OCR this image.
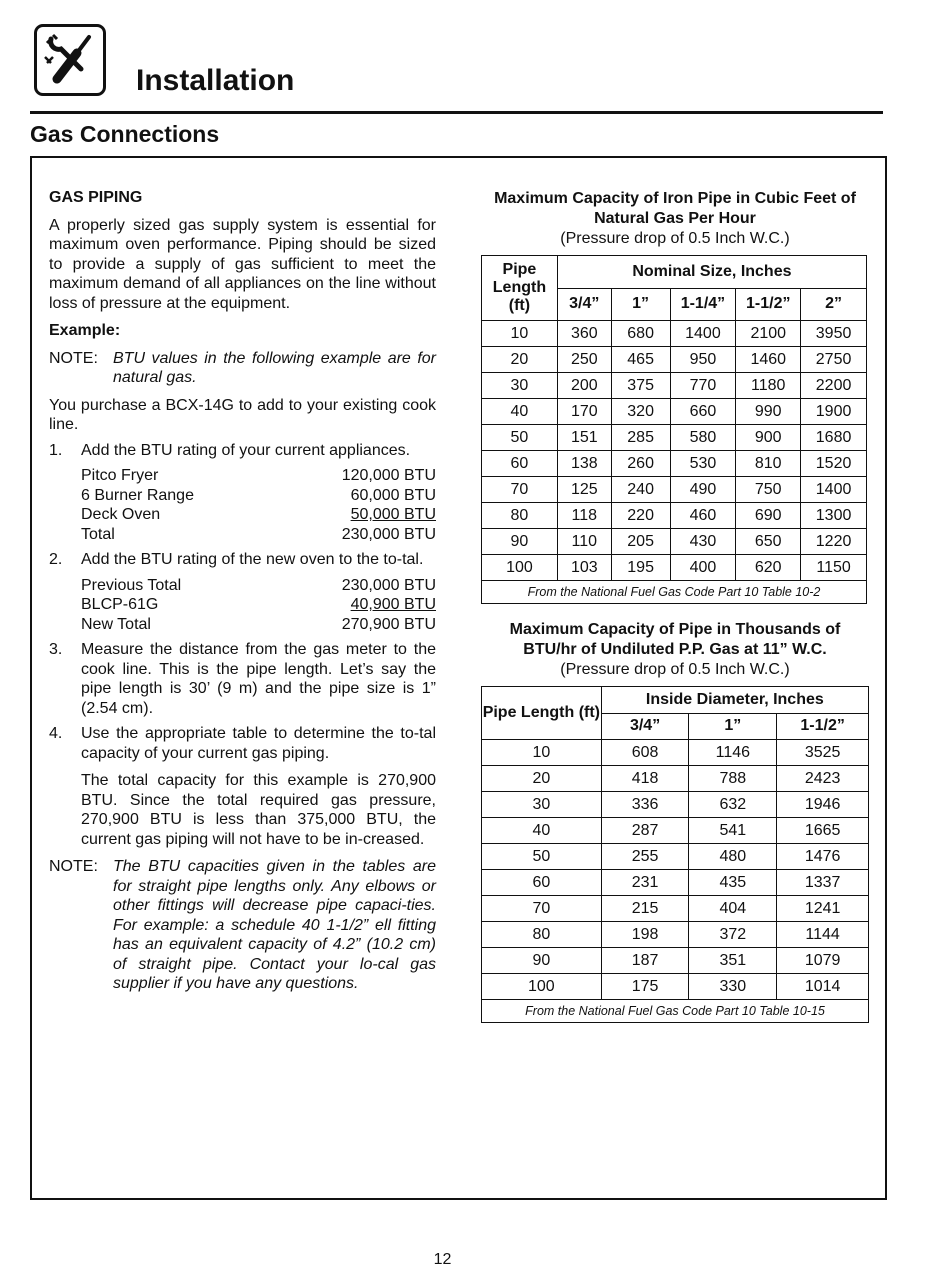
Installation
Gas Connections

GAS PIPING

A properly sized gas supply system is essential for maximum oven performance. Piping should be sized to provide a supply of gas sufficient to meet the maximum demand of all appliances on the line without loss of pressure at the equipment.

Example:

NOTE: BTU values in the following example are for natural gas.

You purchase a BCX-14G to add to your existing cook line.

1.	Add the BTU rating of your current appliances.

Pitco Fryer	120,000 BTU
6 Burner Range	60,000 BTU
Deck Oven	50,000 BTU
Total	230,000 BTU
2.	Add the BTU rating of the new oven to the to-tal.

Previous Total	230,000 BTU
BLCP-61G	40,900 BTU
New Total	270,900 BTU
3.	Measure the distance from the gas meter to the cook line. This is the pipe length. Let’s say the pipe length is 30’ (9 m) and the pipe size is 1” (2.54 cm).

4.	Use the appropriate table to determine the to-tal capacity of your current gas piping.

The total capacity for this example is 270,900 BTU. Since the total required gas pressure, 270,900 BTU is less than 375,000 BTU, the current gas piping will not have to be in-creased.

NOTE: The BTU capacities given in the tables are for straight pipe lengths only. Any elbows or other fittings will decrease pipe capaci-ties. For example: a schedule 40 1-1/2” ell fitting has an equivalent capacity of 4.2” (10.2 cm) of straight pipe. Contact your lo-cal gas supplier if you have any questions.
Maximum Capacity of Iron Pipe in Cubic Feet of Natural Gas Per Hour
(Pressure drop of 0.5 Inch W.C.)
Pipe Length (ft)	Nominal Size, Inches				
	3/4”	1”	1-1/4”	1-1/2”	2”
10	360	680	1400	2100	3950
20	250	465	950	1460	2750
30	200	375	770	1180	2200
40	170	320	660	990	1900
50	151	285	580	900	1680
60	138	260	530	810	1520
70	125	240	490	750	1400
80	118	220	460	690	1300
90	110	205	430	650	1220
100	103	195	400	620	1150
From the National Fuel Gas Code Part 10 Table 10-2					
Maximum Capacity of Pipe in Thousands of BTU/hr of Undiluted P.P. Gas at 11” W.C.
(Pressure drop of 0.5 Inch W.C.)
Pipe Length (ft)	Inside Diameter, Inches		
	3/4”	1”	1-1/2”
10	608	1146	3525
20	418	788	2423
30	336	632	1946
40	287	541	1665
50	255	480	1476
60	231	435	1337
70	215	404	1241
80	198	372	1144
90	187	351	1079
100	175	330	1014
From the National Fuel Gas Code Part 10 Table 10-15			
12
